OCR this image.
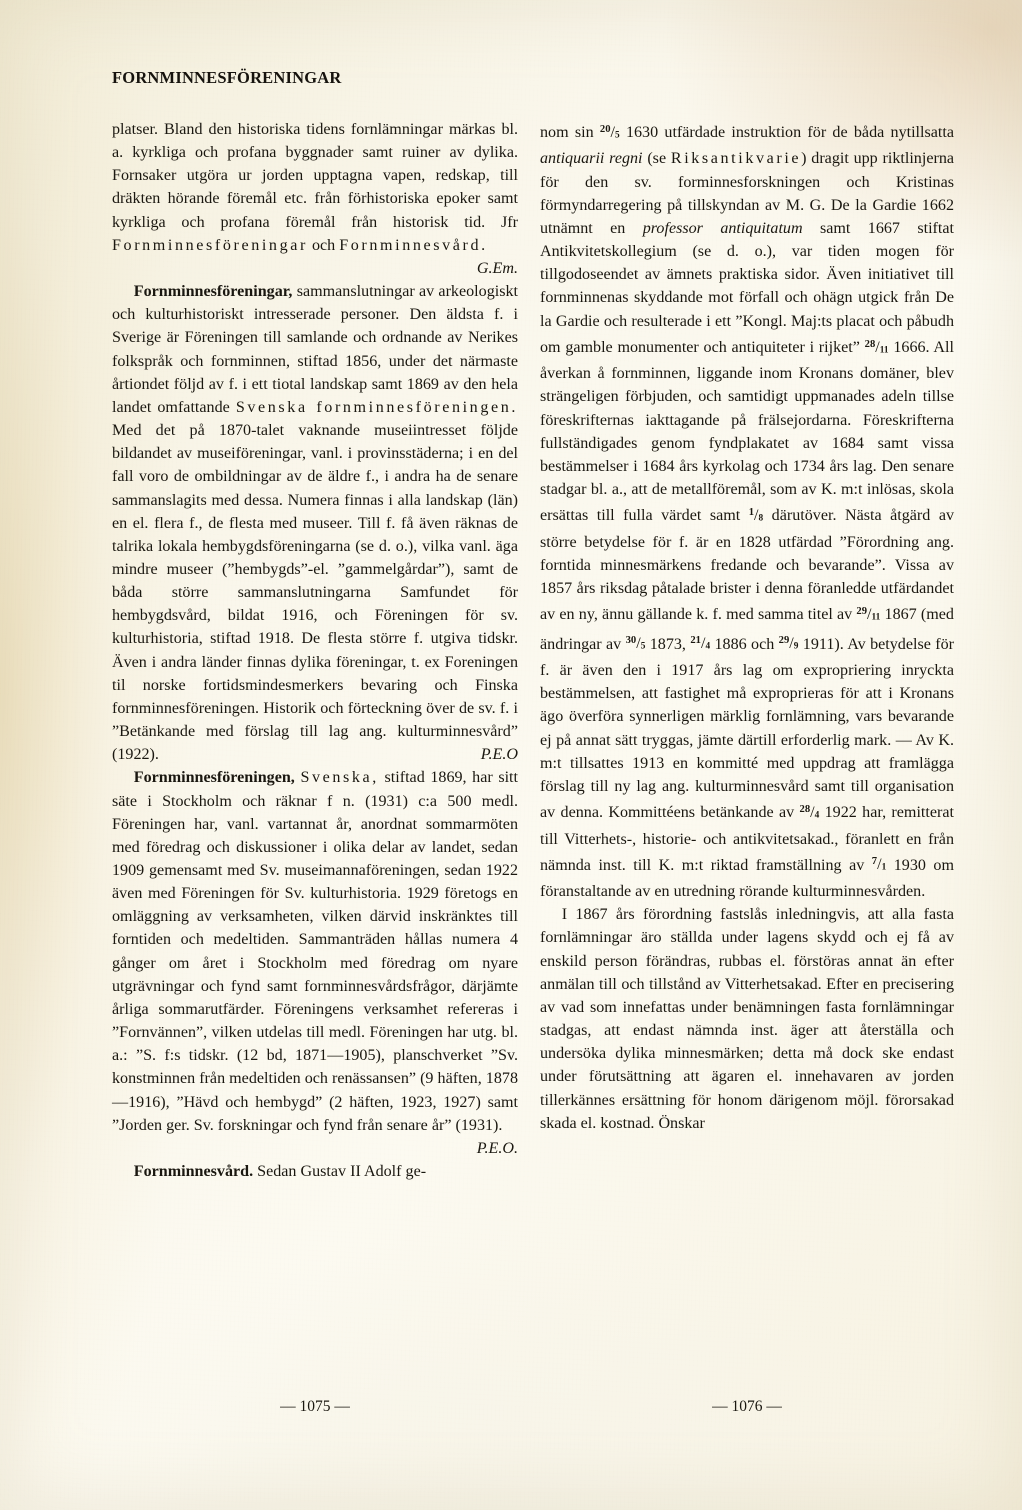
FORNMINNESFÖRENINGAR

platser. Bland den historiska tidens fornlämningar märkas bl. a. kyrkliga och profana byggnader samt ruiner av dylika. Fornsaker utgöra ur jorden upptagna vapen, redskap, till dräkten hörande föremål etc. från förhistoriska epoker samt kyrkliga och profana föremål från historisk tid. Jfr Fornminnesföreningar och Fornminnesvård.
G.Em.

Fornminnesföreningar, sammanslutningar av arkeologiskt och kulturhistoriskt intresserade personer. Den äldsta f. i Sverige är Föreningen till samlande och ordnande av Nerikes folkspråk och fornminnen, stiftad 1856, under det närmaste årtiondet följd av f. i ett tiotal landskap samt 1869 av den hela landet omfattande Svenska fornminnesföreningen. Med det på 1870-talet vaknande museiintresset följde bildandet av museiföreningar, vanl. i provinsstäderna; i en del fall voro de ombildningar av de äldre f., i andra ha de senare sammanslagits med dessa. Numera finnas i alla landskap (län) en el. flera f., de flesta med museer. Till f. få även räknas de talrika lokala hembygdsföreningarna (se d. o.), vilka vanl. äga mindre museer (”hembygds”-el. ”gammelgårdar”), samt de båda större sammanslutningarna Samfundet för hembygdsvård, bildat 1916, och Föreningen för sv. kulturhistoria, stiftad 1918. De flesta större f. utgiva tidskr. Även i andra länder finnas dylika föreningar, t. ex Foreningen til norske fortidsmindesmerkers bevaring och Finska fornminnesföreningen. Historik och förteckning över de sv. f. i ”Betänkande med förslag till lag ang. kulturminnesvård” (1922).	P.E.O

Fornminnesföreningen, Svenska, stiftad 1869, har sitt säte i Stockholm och räknar f n. (1931) c:a 500 medl. Föreningen har, vanl. vartannat år, anordnat sommarmöten med föredrag och diskussioner i olika delar av landet, sedan 1909 gemensamt med Sv. museimannaföreningen, sedan 1922 även med Föreningen för Sv. kulturhistoria. 1929 företogs en omläggning av verksamheten, vilken därvid inskränktes till forntiden och medeltiden. Sammanträden hållas numera 4 gånger om året i Stockholm med föredrag om nyare utgrävningar och fynd samt fornminnesvårdsfrågor, därjämte årliga sommarutfärder. Föreningens verksamhet refereras i ”Fornvännen”, vilken utdelas till medl. Föreningen har utg. bl. a.: ”S. f:s tidskr. (12 bd, 1871—1905), planschverket ”Sv. konstminnen från medeltiden och renässansen” (9 häften, 1878—1916), ”Hävd och hembygd” (2 häften, 1923, 1927) samt ”Jorden ger. Sv. forskningar och fynd från senare år” (1931).
P.E.O.

Fornminnesvård. Sedan Gustav II Adolf ge-

nom sin $^{20}$/5 1630 utfärdade instruktion för de båda nytillsatta antiquarii regni (se Riksantikvarie) dragit upp riktlinjerna för den sv. forminnesforskningen och Kristinas förmyndarregering på tillskyndan av M. G. De la Gardie 1662 utnämnt en professor antiquitatum samt 1667 stiftat Antikvitetskollegium (se d. o.), var tiden mogen för tillgodoseendet av ämnets praktiska sidor. Även initiativet till fornminnenas skyddande mot förfall och ohägn utgick från De la Gardie och resulterade i ett ”Kongl. Maj:ts placat och påbudh om gamble monumenter och antiquiteter i rijket” $^{28}$/11 1666. All åverkan å fornminnen, liggande inom Kronans domäner, blev strängeligen förbjuden, och samtidigt uppmanades adeln tillse föreskrifternas iakttagande på frälsejordarna. Föreskrifterna fullständigades genom fyndplakatet av 1684 samt vissa bestämmelser i 1684 års kyrkolag och 1734 års lag. Den senare stadgar bl. a., att de metallföremål, som av K. m:t inlösas, skola ersättas till fulla värdet samt $^1$/8 därutöver. Nästa åtgärd av större betydelse för f. är en 1828 utfärdad ”Förordning ang. forntida minnesmärkens fredande och bevarande”. Vissa av 1857 års riksdag påtalade brister i denna föranledde utfärdandet av en ny, ännu gällande k. f. med samma titel av $^{29}$/11 1867 (med ändringar av $^{30}$/5 1873, $^{21}$/4 1886 och $^{29}$/9 1911). Av betydelse för f. är även den i 1917 års lag om expropriering inryckta bestämmelsen, att fastighet må exproprieras för att i Kronans ägo överföra synnerligen märklig fornlämning, vars bevarande ej på annat sätt tryggas, jämte därtill erforderlig mark. — Av K. m:t tillsattes 1913 en kommitté med uppdrag att framlägga förslag till ny lag ang. kulturminnesvård samt till organisation av denna. Kommittéens betänkande av $^{28}$/4 1922 har, remitterat till Vitterhets-, historie- och antikvitetsakad., föranlett en från nämnda inst. till K. m:t riktad framställning av $^7$/1 1930 om föranstaltande av en utredning rörande kulturminnesvården.

I 1867 års förordning fastslås inledningvis, att alla fasta fornlämningar äro ställda under lagens skydd och ej få av enskild person förändras, rubbas el. förstöras annat än efter anmälan till och tillstånd av Vitterhetsakad. Efter en precisering av vad som innefattas under benämningen fasta fornlämningar stadgas, att endast nämnda inst. äger att återställa och undersöka dylika minnesmärken; detta må dock ske endast under förutsättning att ägaren el. innehavaren av jorden tillerkännes ersättning för honom därigenom möjl. förorsakad skada el. kostnad. Önskar

— 1075 —	— 1076 —
